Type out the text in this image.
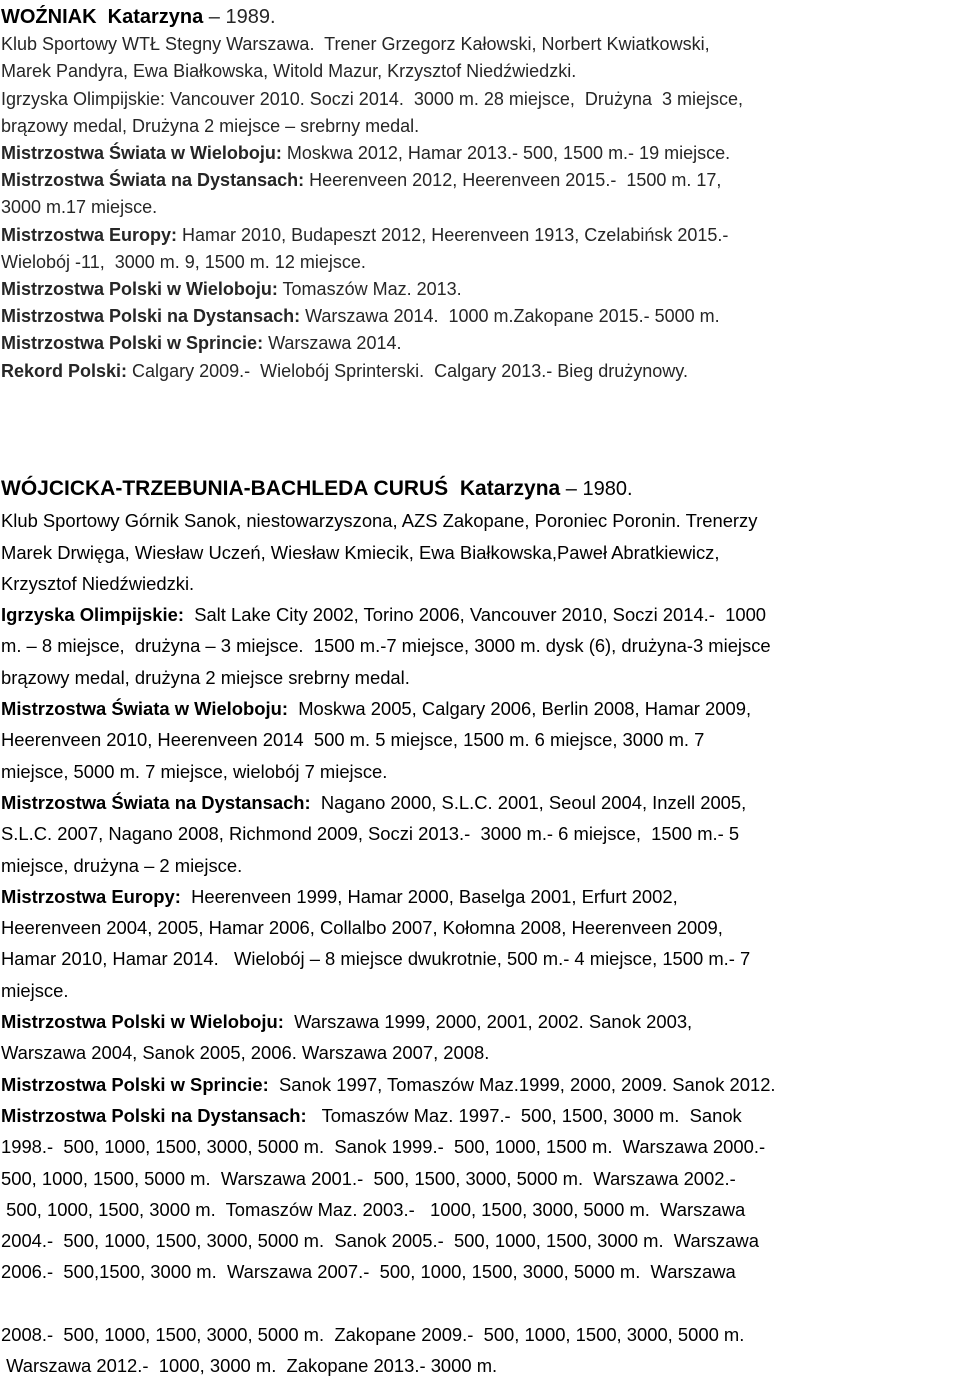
WOŹNIAK  Katarzyna – 1989.
Klub Sportowy WTŁ Stegny Warszawa.  Trener Grzegorz Kałowski, Norbert Kwiatkowski,
Marek Pandyra, Ewa Białkowska, Witold Mazur, Krzysztof Niedźwiedzki.
Igrzyska Olimpijskie: Vancouver 2010. Soczi 2014.  3000 m. 28 miejsce,  Drużyna  3 miejsce,
brązowy medal, Drużyna 2 miejsce – srebrny medal.
Mistrzostwa Świata w Wieloboju: Moskwa 2012, Hamar 2013.- 500, 1500 m.- 19 miejsce.
Mistrzostwa Świata na Dystansach: Heerenveen 2012, Heerenveen 2015.-  1500 m. 17,
3000 m.17 miejsce.
Mistrzostwa Europy: Hamar 2010, Budapeszt 2012, Heerenveen 1913, Czelabińsk 2015.-
Wielobój -11,  3000 m. 9, 1500 m. 12 miejsce.
Mistrzostwa Polski w Wieloboju: Tomaszów Maz. 2013.
Mistrzostwa Polski na Dystansach: Warszawa 2014.  1000 m.Zakopane 2015.- 5000 m.
Mistrzostwa Polski w Sprincie: Warszawa 2014.
Rekord Polski: Calgary 2009.-  Wielobój Sprinterski.  Calgary 2013.- Bieg drużynowy.
WÓJCICKA-TRZEBUNIA-BACHLEDA CURUŚ  Katarzyna – 1980.
Klub Sportowy Górnik Sanok, niestowarzyszona, AZS Zakopane, Poroniec Poronin. Trenerzy
Marek Drwięga, Wiesław Uczeń, Wiesław Kmiecik, Ewa Białkowska,Paweł Abratkiewicz,
Krzysztof Niedźwiedzki.
Igrzyska Olimpijskie:  Salt Lake City 2002, Torino 2006, Vancouver 2010, Soczi 2014.-  1000
m. – 8 miejsce,  drużyna – 3 miejsce.  1500 m.-7 miejsce, 3000 m. dysk (6), drużyna-3 miejsce
brązowy medal, drużyna 2 miejsce srebrny medal.
Mistrzostwa Świata w Wieloboju:  Moskwa 2005, Calgary 2006, Berlin 2008, Hamar 2009,
Heerenveen 2010, Heerenveen 2014  500 m. 5 miejsce, 1500 m. 6 miejsce, 3000 m. 7
miejsce, 5000 m. 7 miejsce, wielobój 7 miejsce.
Mistrzostwa Świata na Dystansach:  Nagano 2000, S.L.C. 2001, Seoul 2004, Inzell 2005,
S.L.C. 2007, Nagano 2008, Richmond 2009, Soczi 2013.-  3000 m.- 6 miejsce,  1500 m.- 5
miejsce, drużyna – 2 miejsce.
Mistrzostwa Europy:  Heerenveen 1999, Hamar 2000, Baselga 2001, Erfurt 2002,
Heerenveen 2004, 2005, Hamar 2006, Collalbo 2007, Kołomna 2008, Heerenveen 2009,
Hamar 2010, Hamar 2014.   Wielobój – 8 miejsce dwukrotnie, 500 m.- 4 miejsce, 1500 m.- 7
miejsce.
Mistrzostwa Polski w Wieloboju:  Warszawa 1999, 2000, 2001, 2002. Sanok 2003,
Warszawa 2004, Sanok 2005, 2006. Warszawa 2007, 2008.
Mistrzostwa Polski w Sprincie:  Sanok 1997, Tomaszów Maz.1999, 2000, 2009. Sanok 2012.
Mistrzostwa Polski na Dystansach:   Tomaszów Maz. 1997.-  500, 1500, 3000 m.  Sanok
1998.-  500, 1000, 1500, 3000, 5000 m.  Sanok 1999.-  500, 1000, 1500 m.  Warszawa 2000.-
500, 1000, 1500, 5000 m.  Warszawa 2001.-  500, 1500, 3000, 5000 m.  Warszawa 2002.-
500, 1000, 1500, 3000 m.  Tomaszów Maz. 2003.-   1000, 1500, 3000, 5000 m.  Warszawa
2004.-  500, 1000, 1500, 3000, 5000 m.  Sanok 2005.-  500, 1000, 1500, 3000 m.  Warszawa
2006.-  500,1500, 3000 m.  Warszawa 2007.-  500, 1000, 1500, 3000, 5000 m.  Warszawa
2008.-  500, 1000, 1500, 3000, 5000 m.  Zakopane 2009.-  500, 1000, 1500, 3000, 5000 m.
Warszawa 2012.-  1000, 3000 m.  Zakopane 2013.- 3000 m.
